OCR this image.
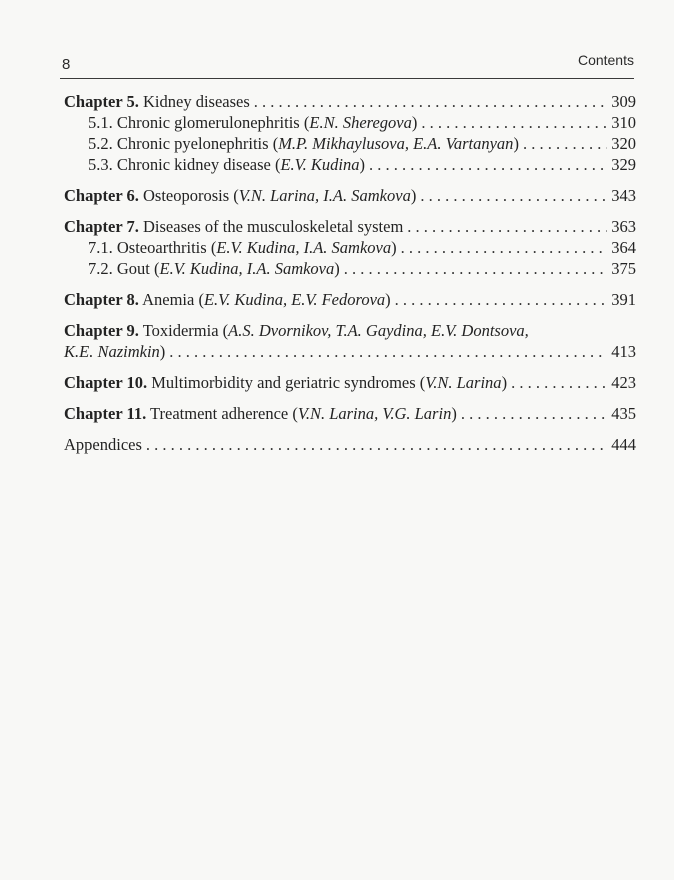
8	Contents
Chapter 5. Kidney diseases . . .	309
5.1. Chronic glomerulonephritis (E.N. Sheregova) . . .	310
5.2. Chronic pyelonephritis (M.P. Mikhaylusova, E.A. Vartanyan) . . .	320
5.3. Chronic kidney disease (E.V. Kudina) . . .	329
Chapter 6. Osteoporosis (V.N. Larina, I.A. Samkova) . . .	343
Chapter 7. Diseases of the musculoskeletal system . . .	363
7.1. Osteoarthritis (E.V. Kudina, I.A. Samkova) . . .	364
7.2. Gout (E.V. Kudina, I.A. Samkova) . . .	375
Chapter 8. Anemia (E.V. Kudina, E.V. Fedorova) . . .	391
Chapter 9. Toxidermia (A.S. Dvornikov, T.A. Gaydina, E.V. Dontsova,
K.E. Nazimkin) . . .	413
Chapter 10. Multimorbidity and geriatric syndromes (V.N. Larina) . . .	423
Chapter 11. Treatment adherence (V.N. Larina, V.G. Larin) . . .	435
Appendices . . .	444
